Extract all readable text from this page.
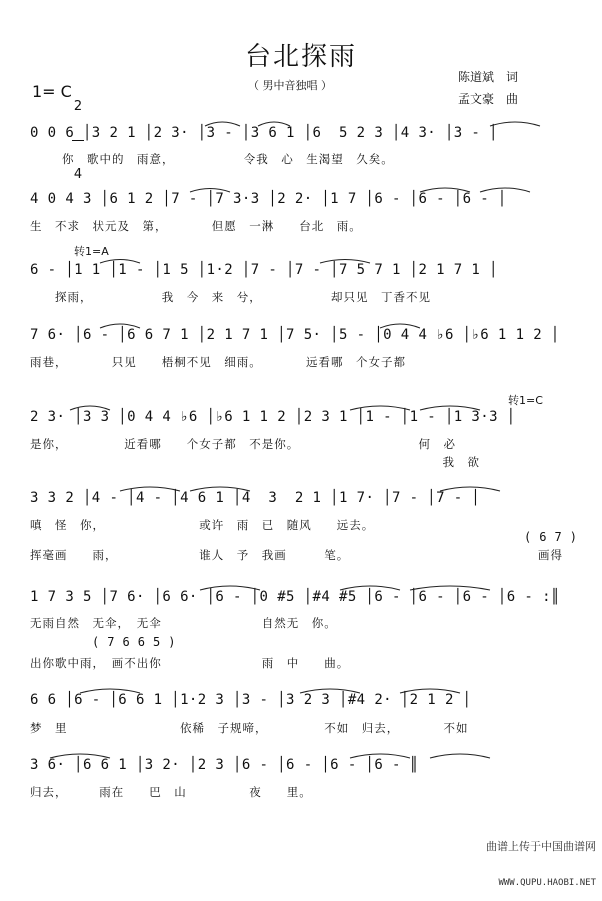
台北探雨
（ 男中音独唱 ）
1= C

2

4

陈道斌　词
孟文豪　曲
0 0 6 │3 2 1 │2 3· │3 - │3 6 1 │6  5 2 3 │4 3· │3 - │
你　歌中的　雨意，　　　　　　令我　心　生渴望　久矣。
4 0 4 3 │6 1 2 │7 - │7 3·3 │2 2· │1 7 │6 - │6 - │6 - │
生　不求　状元及　第，　　　　但愿　一淋　　台北　雨。
转1=A
6 - │1 1 │1 - │1 5 │1·2 │7 - │7 - │7 5 7 1 │2 1 7 1 │
　　探雨，　　　　　　我　今　来　兮，　　　　　　却只见　丁香不见
7 6· │6 - │6 6 7 1 │2 1 7 1 │7 5· │5 - │0 4 4 ♭6 │♭6 1 1 2 │
雨巷，　　　　只见　　梧桐不见　细雨。　　　　远看哪　个女子都
转1=C
2 3· │3 3 │0 4 4 ♭6 │♭6 1 1 2 │2 3 1 │1 - │1 - │1 3·3 │
是你，　　　　　近看哪　　个女子都　不是你。　　　　　　　　　　何　必
　　　　　　　　　　　　　　　　　　　　　　　　　　　　　　　　　我　欲
3 3 2 │4 - │4 - │4 6 1 │4  3  2 1 │1 7· │7 - │7 - │
嗔　怪　你，　　　　　　　　或许　雨　已　随风　　远去。
挥毫画　　雨，　　　　　　　谁人　予　我画　　　笔。
( 6 7 )
画得
1 7 3 5 │7 6· │6 6· │6 - │0 #5 │#4 #5 │6 - │6 - │6 - │6 - :║
无雨自然　无伞，　无伞　　　　　　　　自然无　你。
( 7 6 6 5 )
出你歌中雨，　画不出你　　　　　　　　雨　中　　曲。
6 6 │6 - │6 6 1 │1·2 3 │3 - │3 2 3 │#4 2· │2 1 2 │
梦　里　　　　　　　　　依稀　子规啼，　　　　　不如　归去，　　　　不如
3 6· │6 6 1 │3 2· │2 3 │6 - │6 - │6 - │6 - ║
归去，　　　雨在　　巴　山　　　　　夜　　里。

曲谱上传于中国曲谱网

WWW.QUPU.HAOBI.NET
